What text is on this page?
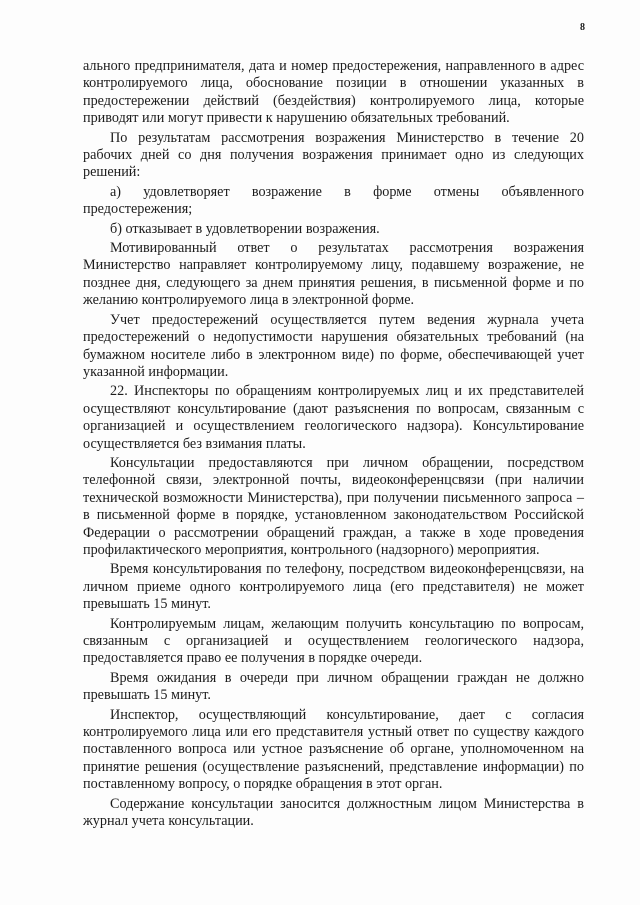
8

ального предпринимателя, дата и номер предостережения, направленного в адрес контролируемого лица, обоснование позиции в отношении указанных в предостережении действий (бездействия) контролируемого лица, которые приводят или могут привести к нарушению обязательных требований.

По результатам рассмотрения возражения Министерство в течение 20 рабочих дней со дня получения возражения принимает одно из следующих решений:

а) удовлетворяет возражение в форме отмены объявленного предостережения;

б) отказывает в удовлетворении возражения.

Мотивированный ответ о результатах рассмотрения возражения Министерство направляет контролируемому лицу, подавшему возражение, не позднее дня, следующего за днем принятия решения, в письменной форме и по желанию контролируемого лица в электронной форме.

Учет предостережений осуществляется путем ведения журнала учета предостережений о недопустимости нарушения обязательных требований (на бумажном носителе либо в электронном виде) по форме, обеспечивающей учет указанной информации.

22. Инспекторы по обращениям контролируемых лиц и их представителей осуществляют консультирование (дают разъяснения по вопросам, связанным с организацией и осуществлением геологического надзора). Консультирование осуществляется без взимания платы.

Консультации предоставляются при личном обращении, посредством телефонной связи, электронной почты, видеоконференцсвязи (при наличии технической возможности Министерства), при получении письменного запроса – в письменной форме в порядке, установленном законодательством Российской Федерации о рассмотрении обращений граждан, а также в ходе проведения профилактического мероприятия, контрольного (надзорного) мероприятия.

Время консультирования по телефону, посредством видеоконференцсвязи, на личном приеме одного контролируемого лица (его представителя) не может превышать 15 минут.

Контролируемым лицам, желающим получить консультацию по вопросам, связанным с организацией и осуществлением геологического надзора, предоставляется право ее получения в порядке очереди.

Время ожидания в очереди при личном обращении граждан не должно превышать 15 минут.

Инспектор, осуществляющий консультирование, дает с согласия контролируемого лица или его представителя устный ответ по существу каждого поставленного вопроса или устное разъяснение об органе, уполномоченном на принятие решения (осуществление разъяснений, представление информации) по поставленному вопросу, о порядке обращения в этот орган.

Содержание консультации заносится должностным лицом Министерства в журнал учета консультации.
